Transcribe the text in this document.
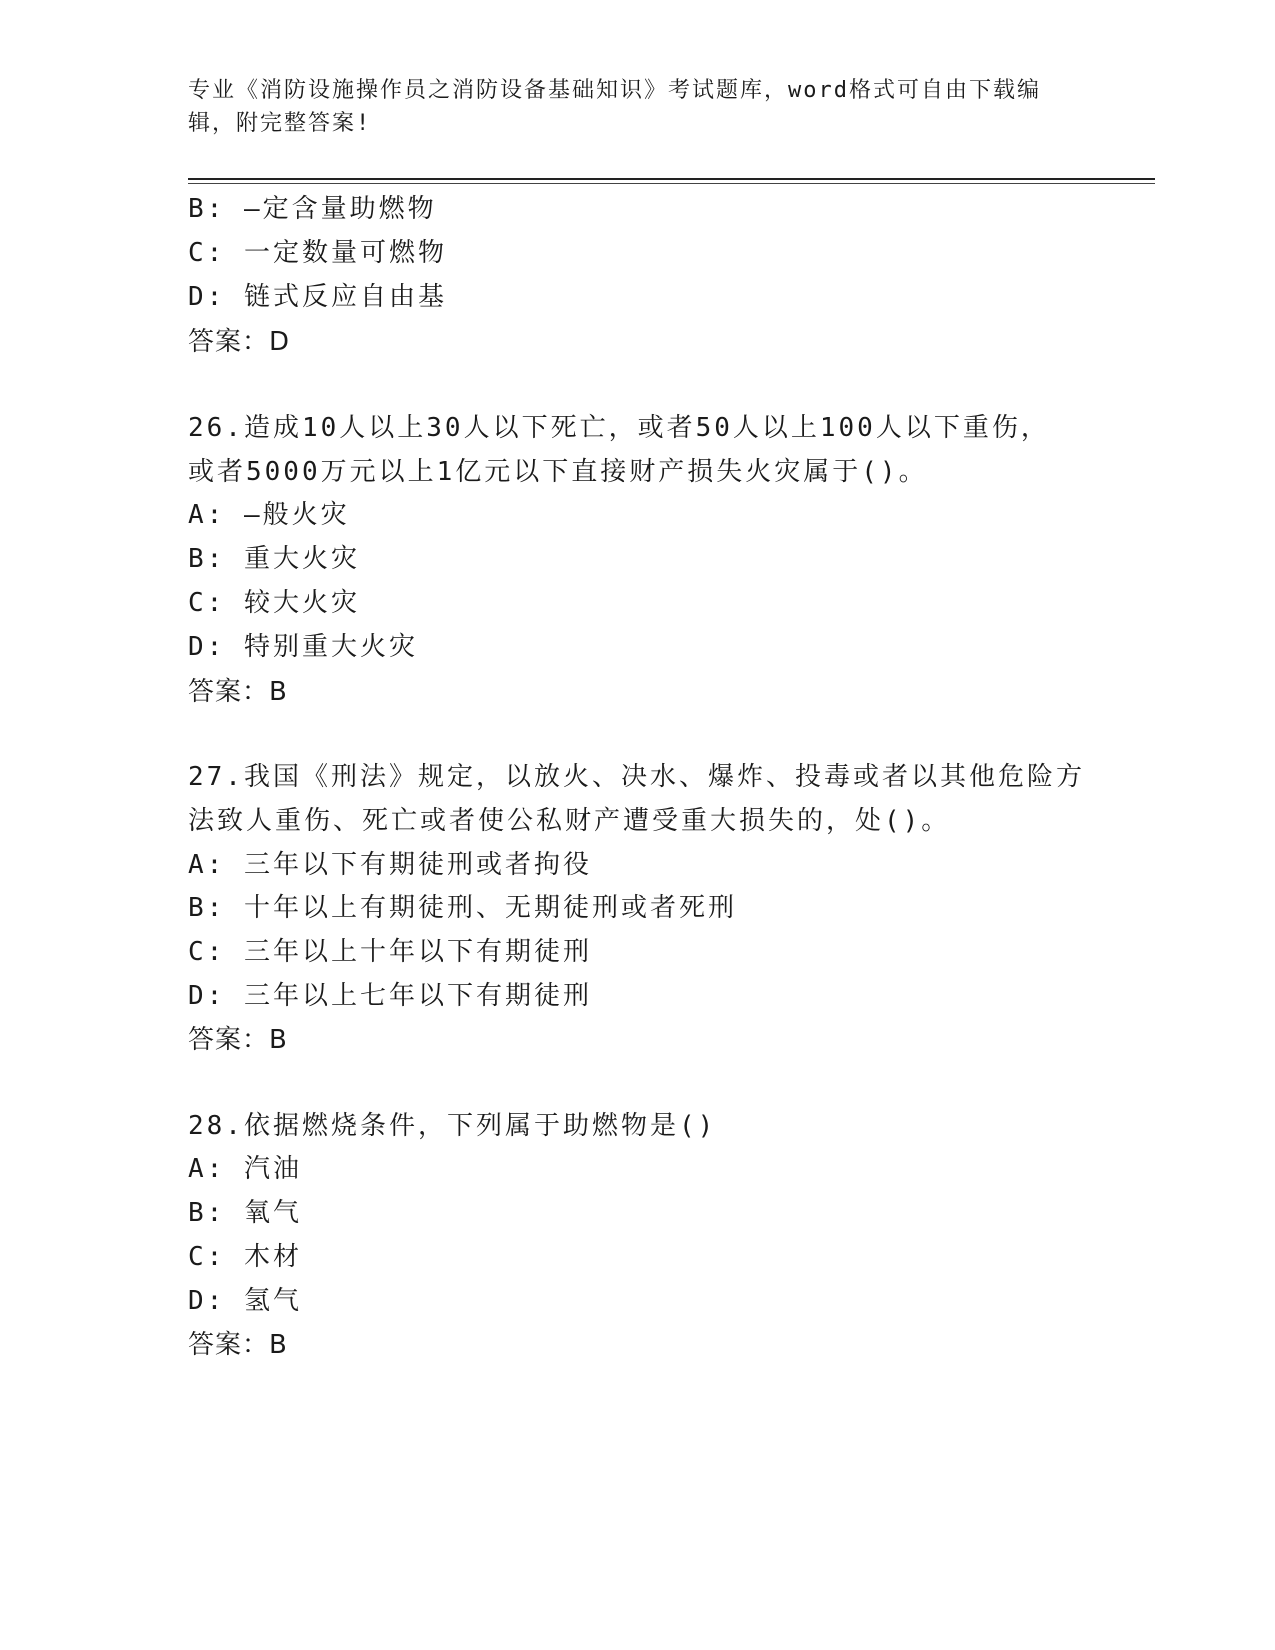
专业《消防设施操作员之消防设备基础知识》考试题库，word格式可自由下载编
辑，附完整答案!
B: —定含量助燃物
C: 一定数量可燃物
D: 链式反应自由基
答案：D
26.造成10人以上30人以下死亡，或者50人以上100人以下重伤，
或者5000万元以上1亿元以下直接财产损失火灾属于()。
A: —般火灾
B: 重大火灾
C: 较大火灾
D: 特别重大火灾
答案：B
27.我国《刑法》规定，以放火、决水、爆炸、投毒或者以其他危险方
法致人重伤、死亡或者使公私财产遭受重大损失的，处()。
A: 三年以下有期徒刑或者拘役
B: 十年以上有期徒刑、无期徒刑或者死刑
C: 三年以上十年以下有期徒刑
D: 三年以上七年以下有期徒刑
答案：B
28.依据燃烧条件，下列属于助燃物是()
A: 汽油
B: 氧气
C: 木材
D: 氢气
答案：B
